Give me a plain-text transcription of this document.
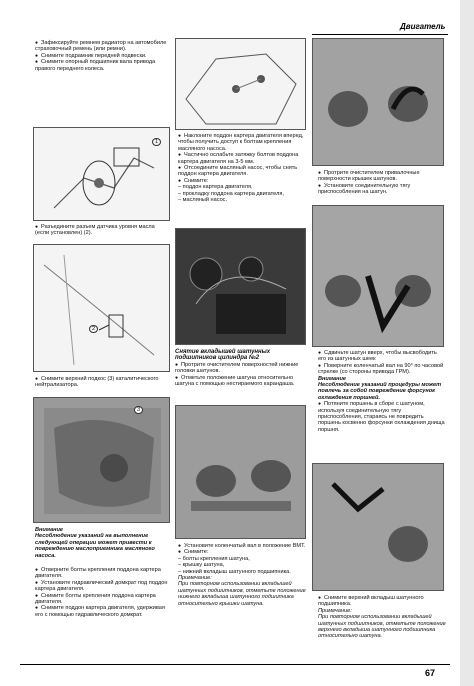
Двигатель
● Зафиксируйте ремнем радиатор на автомобиле страховочный ремень (или ремни).
● Снимите подрамник передней подвески.
● Снимите опорный подшипник вала привода правого переднего колеса.
1
● Разъедините разъем датчика уровня масла (если установлен) (2).
2
● Снимите верхний подкос (3) каталитического нейтрализатора.
3
Внимание
Несоблюдение указаний на выполнение следующей операции может привести к повреждению маслоприемника масляного насоса.
● Отверните болты крепления поддона картера двигателя.
● Установите гидравлический домкрат под поддон картера двигателя.
● Снимите болты крепления поддона картера двигателя.
● Снимите поддон картера двигателя, удерживая его с помощью гидравлического домкрат.
● Наклоните поддон картера двигателя вперед, чтобы получить доступ к болтам крепления масляного насоса.
● Частично ослабьте затяжку болтов поддона картера двигателя на 3-5 мм.
● Отсоедините масляный насос, чтобы снять поддон картера двигателя.
● Снимите:
– поддон картера двигателя,
– прокладку поддона картера двигателя,
– масляный насос.
Снятие вкладышей шатунных подшипников цилиндра №2
● Протрите очистителем поверхностей нижние головки шатунов.
● Отметьте положение шатуна относительно шатуна с помощью нестираемого карандаша.
● Установите коленчатый вал в положение ВМТ.
● Снимите:
– болты крепления шатуна,
– крышку шатуна,
– нижний вкладыш шатунного подшипника.
Примечание:
При повторном использовании вкладышей шатунных подшипников, отметьте положение нижнего вкладыша шатунного подшипника относительно крышки шатуна.
● Протрите очистителем привалочные поверхности крышек шатунов.
● Установите соединительную тягу приспособления на шатун.
● Сдвиньте шатун вверх, чтобы высвободить его из шатунных шеек
● Поверните коленчатый вал на 90° по часовой стрелке (со стороны привода ГРМ).
Внимание
Несоблюдение указаний процедуры может повлечь за собой повреждение форсунок охлаждения поршней.
● Потяните поршень в сборе с шатуном, используя соединительную тягу приспособления, стараясь не повредить поршень косвенно форсунки охлаждения днища поршня.
● Снимите верхний вкладыш шатунного подшипника.
Примечание:
При повторном использовании вкладышей шатунных подшипников, отметьте положение верхнего вкладыша шатунного подшипника относительно шатуна.
67
